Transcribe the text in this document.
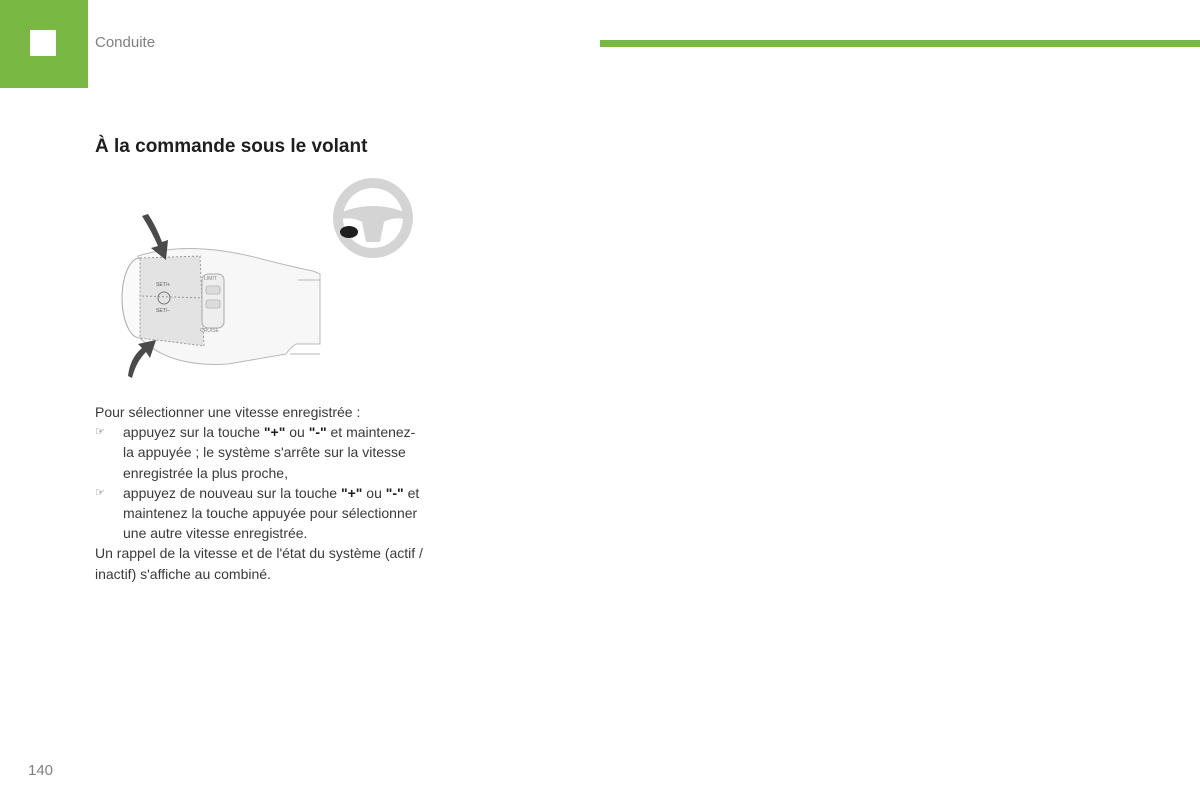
Conduite
À la commande sous le volant
LIMIT
SET/+
SET/−
CRUISE

Pour sélectionner une vitesse enregistrée :

☞ appuyez sur la touche "+" ou "-" et maintenez-la appuyée ; le système s'arrête sur la vitesse enregistrée la plus proche,

☞ appuyez de nouveau sur la touche "+" ou "-" et maintenez la touche appuyée pour sélectionner une autre vitesse enregistrée.

Un rappel de la vitesse et de l'état du système (actif / inactif) s'affiche au combiné.

140
